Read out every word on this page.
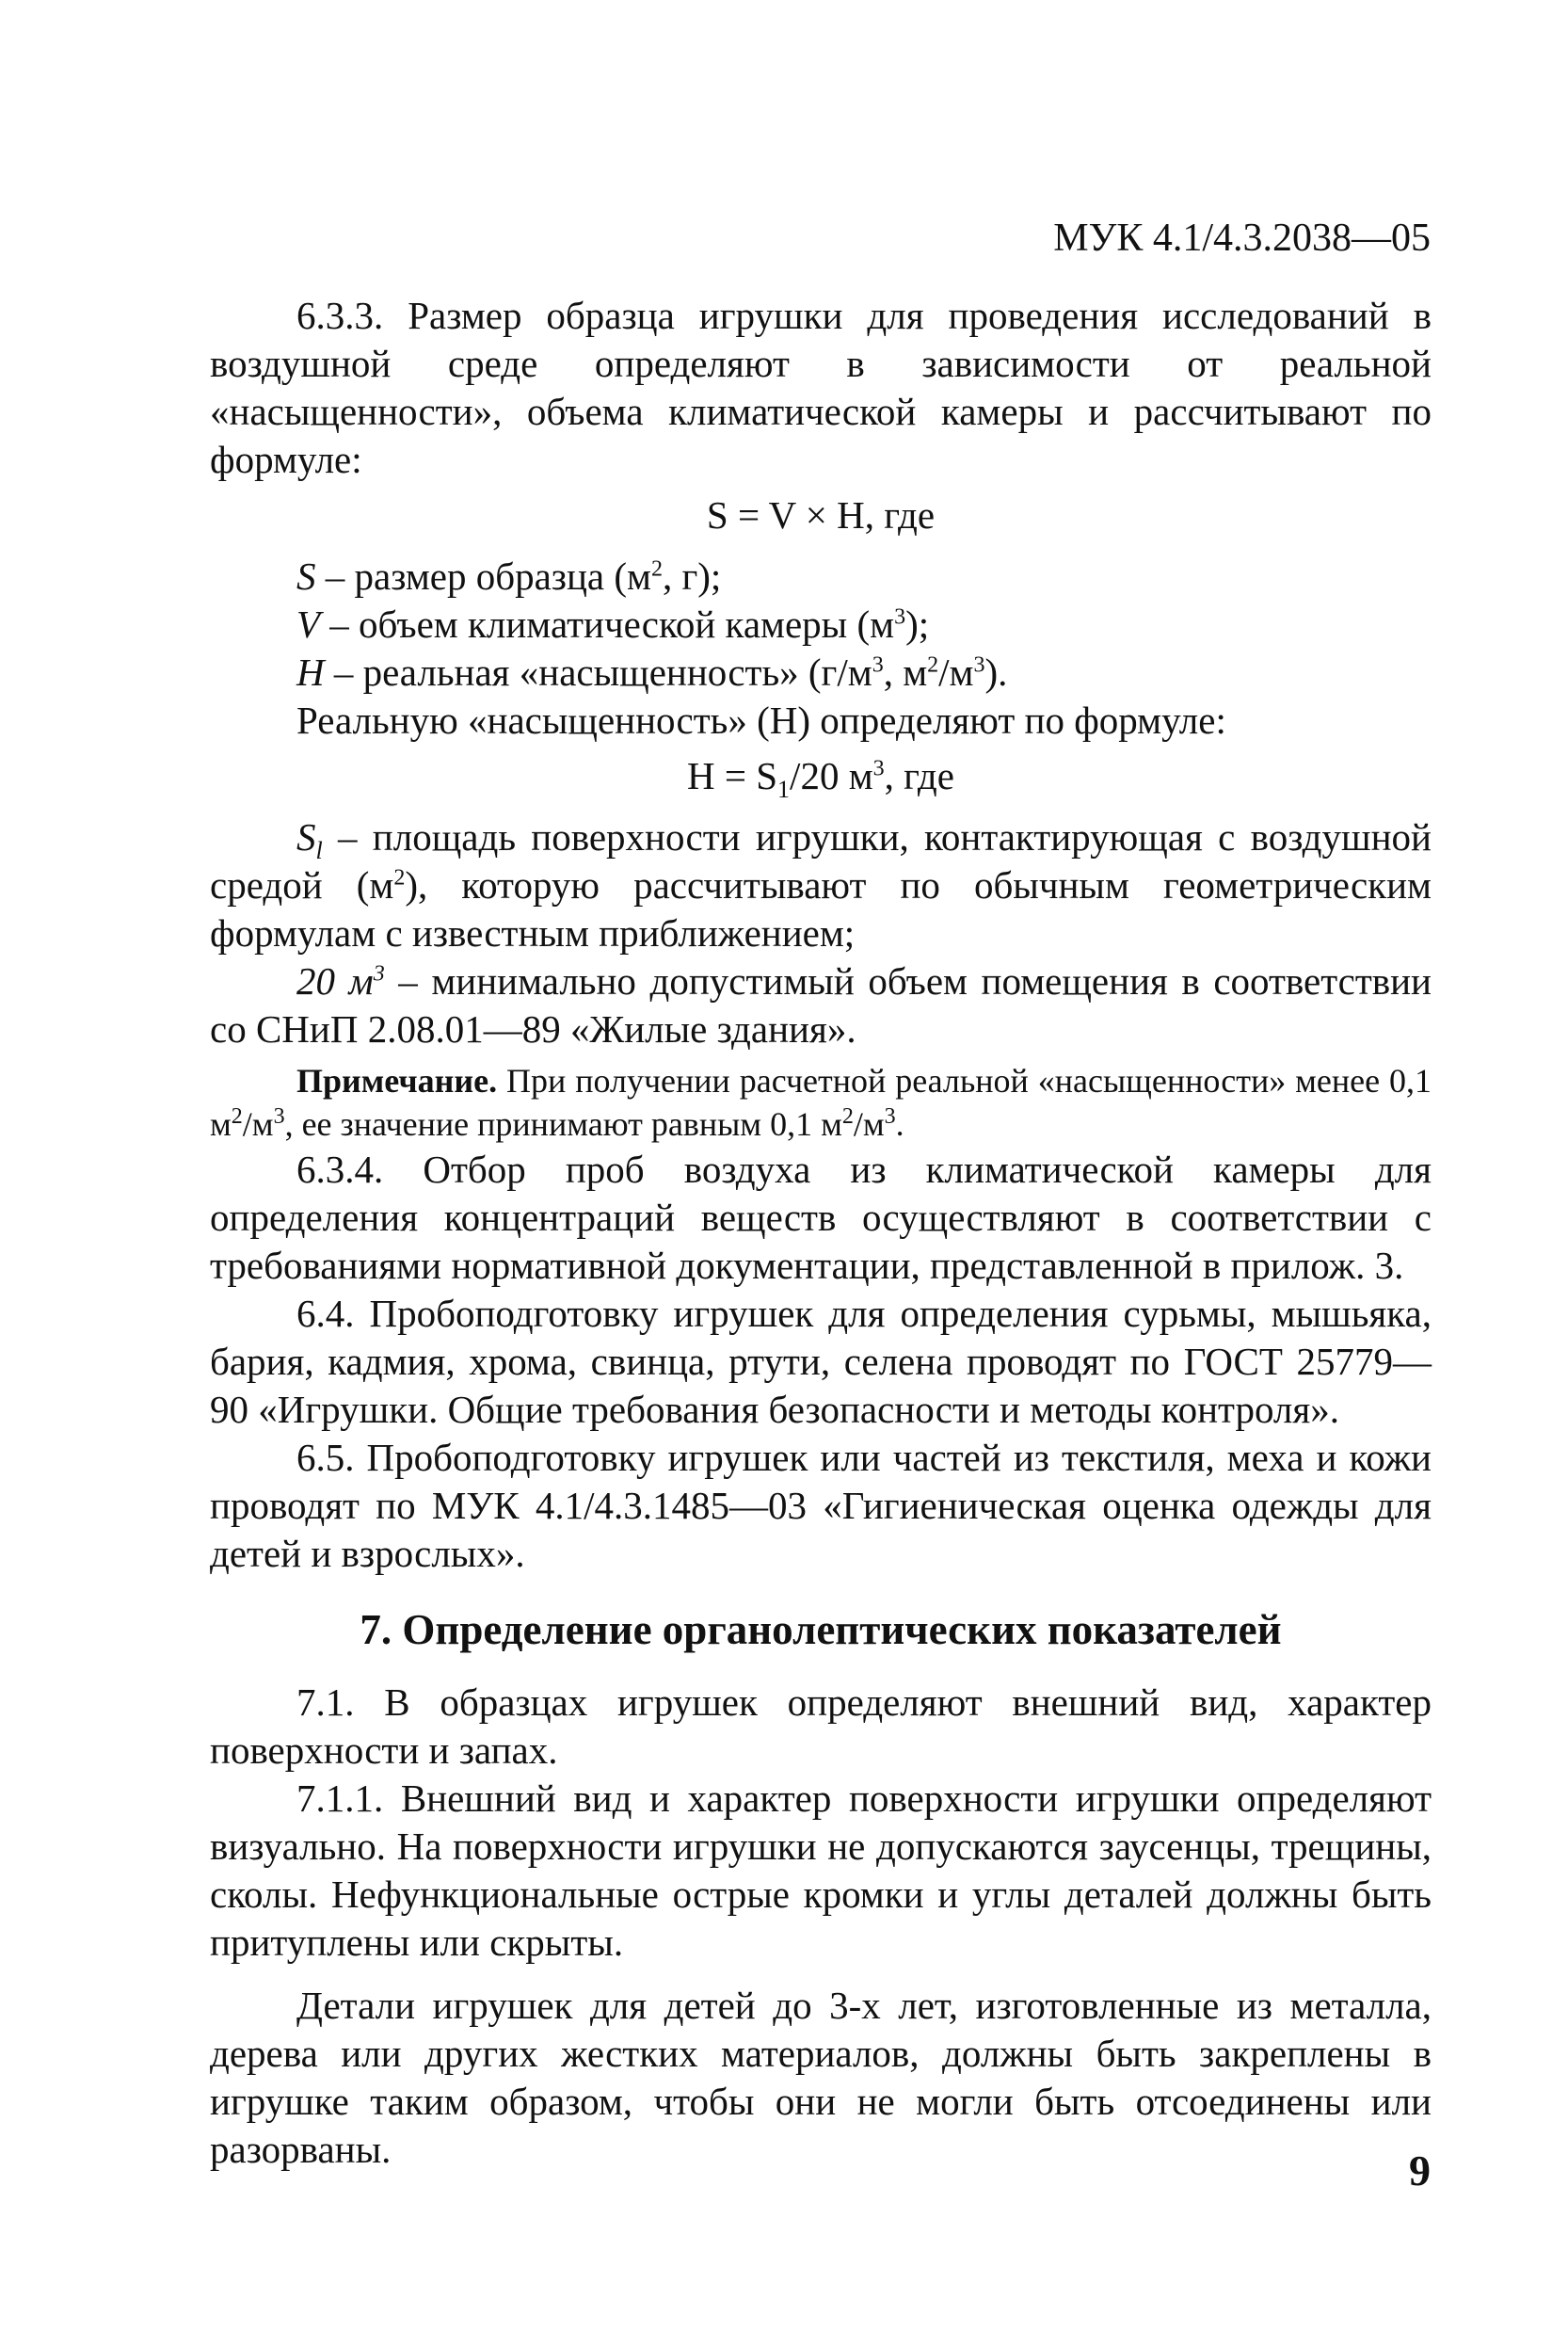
МУК 4.1/4.3.2038—05

6.3.3. Размер образца игрушки для проведения исследований в воздушной среде определяют в зависимости от реальной «насыщенности», объема климатической камеры и рассчитывают по формуле:

S = V × H, где

S – размер образца ($м^2$, г);

V – объем климатической камеры $(м^3)$;

H – реальная «насыщенность» ($г/м^3$, $м^2/м^3$).

Реальную «насыщенность» (Н) определяют по формуле:

$H = S_1/20$ $м^3$, где

$S_l$ – площадь поверхности игрушки, контактирующая с воздушной средой $(м^2)$, которую рассчитывают по обычным геометрическим формулам с известным приближением;

20 $м^3$ – минимально допустимый объем помещения в соответствии со СНиП 2.08.01—89 «Жилые здания».

Примечание. При получении расчетной реальной «насыщенности» менее 0,1 $м^2/м^3$, ее значение принимают равным 0,1 $м^2/м^3$.

6.3.4. Отбор проб воздуха из климатической камеры для определения концентраций веществ осуществляют в соответствии с требованиями нормативной документации, представленной в прилож. 3.

6.4. Пробоподготовку игрушек для определения сурьмы, мышьяка, бария, кадмия, хрома, свинца, ртути, селена проводят по ГОСТ 25779—90 «Игрушки. Общие требования безопасности и методы контроля».

6.5. Пробоподготовку игрушек или частей из текстиля, меха и кожи проводят по МУК 4.1/4.3.1485—03 «Гигиеническая оценка одежды для детей и взрослых».

7. Определение органолептических показателей

7.1. В образцах игрушек определяют внешний вид, характер поверхности и запах.

7.1.1. Внешний вид и характер поверхности игрушки определяют визуально. На поверхности игрушки не допускаются заусенцы, трещины, сколы. Нефункциональные острые кромки и углы деталей должны быть притуплены или скрыты.

Детали игрушек для детей до 3-х лет, изготовленные из металла, дерева или других жестких материалов, должны быть закреплены в игрушке таким образом, чтобы они не могли быть отсоединены или разорваны.	9
